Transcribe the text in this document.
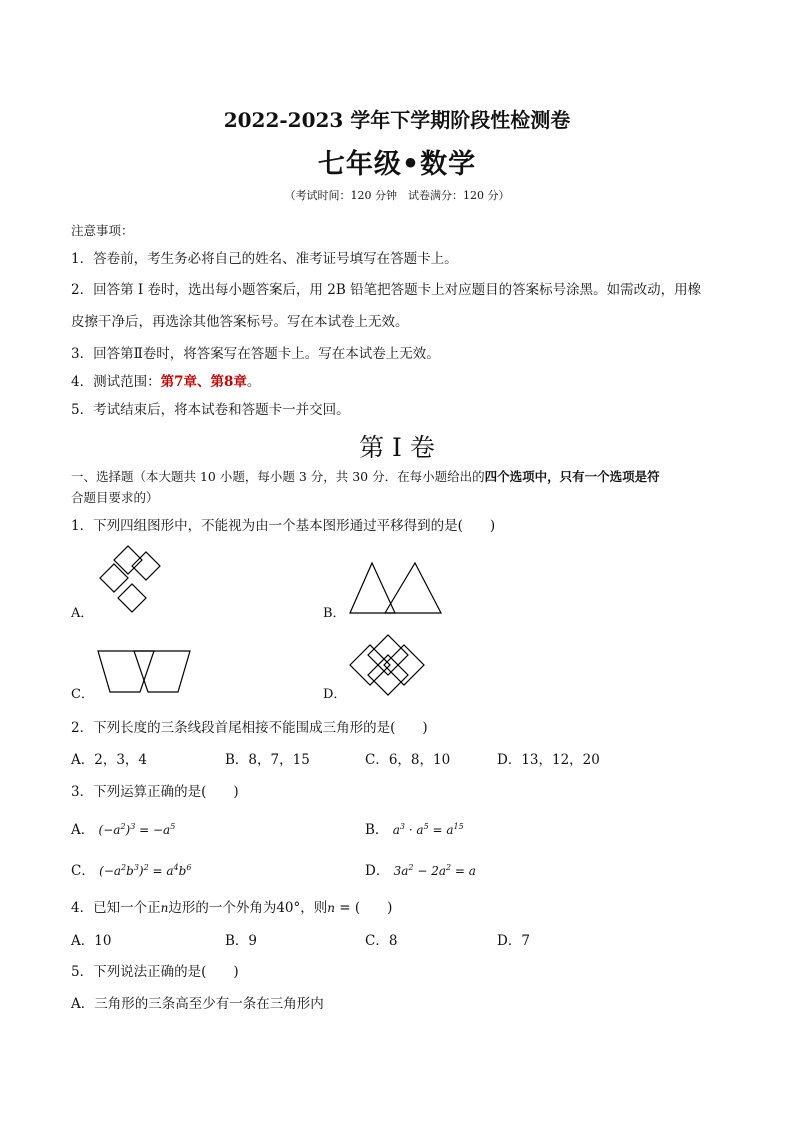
2022-2023 学年下学期阶段性检测卷
七年级•数学
（考试时间：120 分钟　试卷满分：120 分）
注意事项：
1．答卷前，考生务必将自己的姓名、准考证号填写在答题卡上。
2．回答第 I 卷时，选出每小题答案后，用 2B 铅笔把答题卡上对应题目的答案标号涂黑。如需改动，用橡
皮擦干净后，再选涂其他答案标号。写在本试卷上无效。
3．回答第Ⅱ卷时，将答案写在答题卡上。写在本试卷上无效。
4．测试范围：第7章、第8章。
5．考试结束后，将本试卷和答题卡一并交回。
第 I 卷
一、选择题（本大题共 10 小题，每小题 3 分，共 30 分．在每小题给出的四个选项中，只有一个选项是符
合题目要求的）
1．下列四组图形中，不能视为由一个基本图形通过平移得到的是(　　)
A．	B．
C．	D．
2．下列长度的三条线段首尾相接不能围成三角形的是(　　)
A．2，3，4	B．8，7，15	C．6，8，10	D．13，12，20
3．下列运算正确的是(　　)
A． $(-a^2)^3 = -a^5$	B． $a^3 \cdot a^5 = a^{15}$
C． $(-a^2b^3)^2 = a^4b^6$	D． $3a^2 - 2a^2 = a$
4．已知一个正n边形的一个外角为40°，则n = (　　)
A．10	B．9	C．8	D．7
5．下列说法正确的是(　　)
A．三角形的三条高至少有一条在三角形内
